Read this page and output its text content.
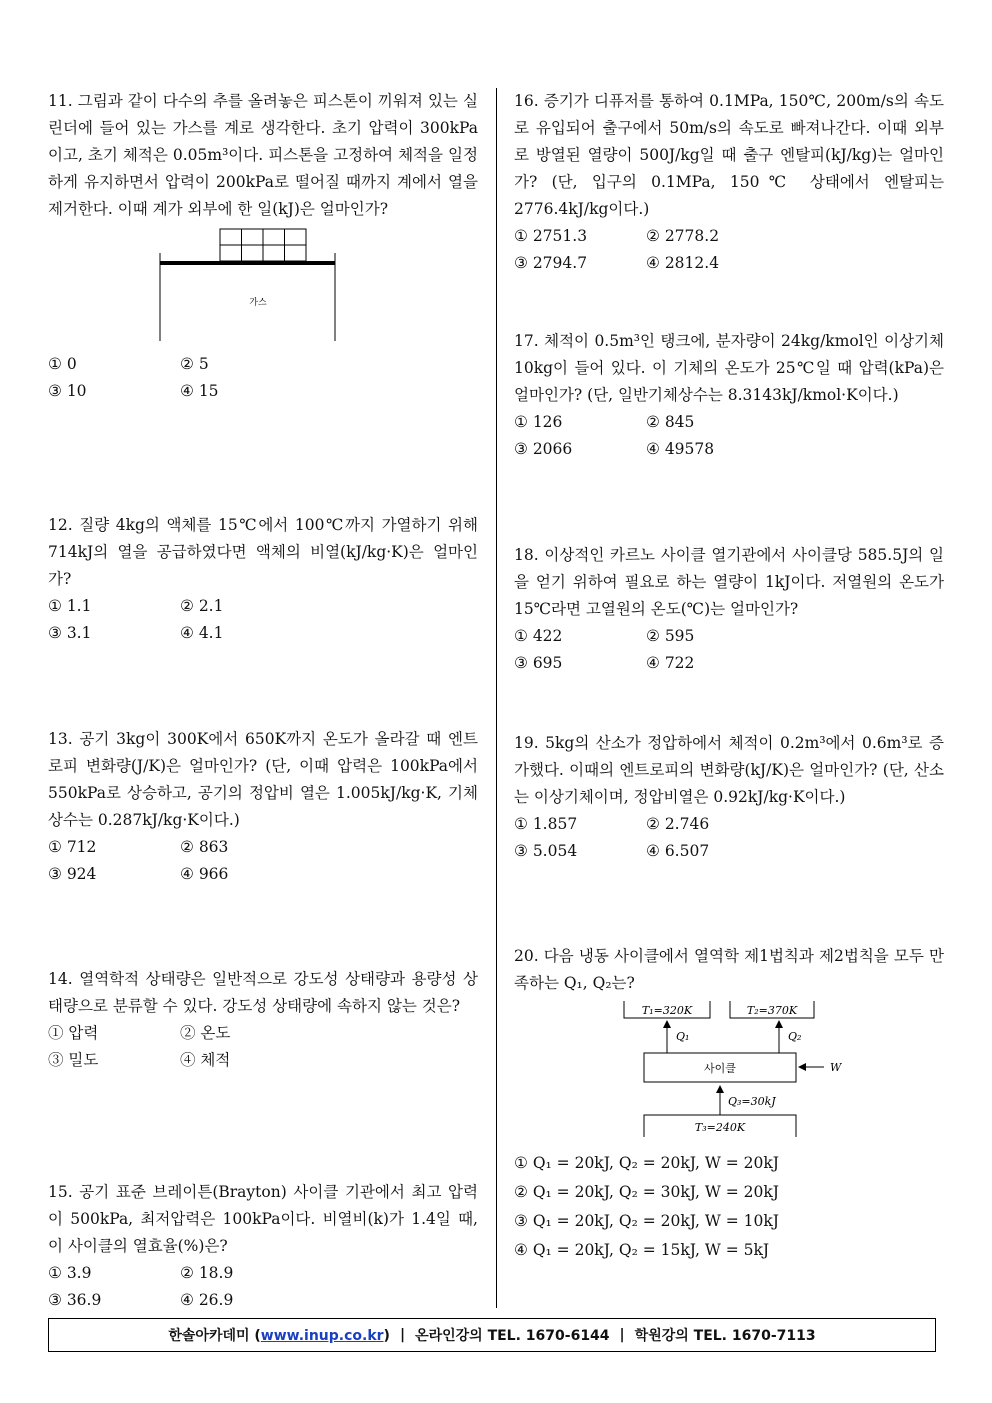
11. 그림과 같이 다수의 추를 올려놓은 피스톤이 끼워져 있는 실린더에 들어 있는 가스를 계로 생각한다. 초기 압력이 300kPa이고, 초기 체적은 0.05m³이다. 피스톤을 고정하여 체적을 일정하게 유지하면서 압력이 200kPa로 떨어질 때까지 계에서 열을 제거한다. 이때 계가 외부에 한 일(kJ)은 얼마인가?

가스
① 0	② 5
③ 10	④ 15

12. 질량 4kg의 액체를 15℃에서 100℃까지 가열하기 위해 714kJ의 열을 공급하였다면 액체의 비열(kJ/kg·K)은 얼마인가?

① 1.1	② 2.1
③ 3.1	④ 4.1

13. 공기 3kg이 300K에서 650K까지 온도가 올라갈 때 엔트로피 변화량(J/K)은 얼마인가? (단, 이때 압력은 100kPa에서 550kPa로 상승하고, 공기의 정압비 열은 1.005kJ/kg·K, 기체상수는 0.287kJ/kg·K이다.)

① 712	② 863
③ 924	④ 966

14. 열역학적 상태량은 일반적으로 강도성 상태량과 용량성 상태량으로 분류할 수 있다. 강도성 상태량에 속하지 않는 것은?

① 압력	② 온도
③ 밀도	④ 체적

15. 공기 표준 브레이튼(Brayton) 사이클 기관에서 최고 압력이 500kPa, 최저압력은 100kPa이다. 비열비(k)가 1.4일 때, 이 사이클의 열효율(%)은?

① 3.9	② 18.9
③ 36.9	④ 26.9

16. 증기가 디퓨저를 통하여 0.1MPa, 150℃, 200m/s의 속도로 유입되어 출구에서 50m/s의 속도로 빠져나간다. 이때 외부로 방열된 열량이 500J/kg일 때 출구 엔탈피(kJ/kg)는 얼마인가? (단, 입구의 0.1MPa, 150℃ 상태에서 엔탈피는 2776.4kJ/kg이다.)

① 2751.3	② 2778.2
③ 2794.7	④ 2812.4

17. 체적이 0.5m³인 탱크에, 분자량이 24kg/kmol인 이상기체 10kg이 들어 있다. 이 기체의 온도가 25℃일 때 압력(kPa)은 얼마인가? (단, 일반기체상수는 8.3143kJ/kmol·K이다.)

① 126	② 845
③ 2066	④ 49578

18. 이상적인 카르노 사이클 열기관에서 사이클당 585.5J의 일을 얻기 위하여 필요로 하는 열량이 1kJ이다. 저열원의 온도가 15℃라면 고열원의 온도(℃)는 얼마인가?

① 422	② 595
③ 695	④ 722

19. 5kg의 산소가 정압하에서 체적이 0.2m³에서 0.6m³로 증가했다. 이때의 엔트로피의 변화량(kJ/K)은 얼마인가? (단, 산소는 이상기체이며, 정압비열은 0.92kJ/kg·K이다.)

① 1.857	② 2.746
③ 5.054	④ 6.507

20. 다음 냉동 사이클에서 열역학 제1법칙과 제2법칙을 모두 만족하는 Q₁, Q₂는?

T₁=320K	T₂=370K
Q₁	Q₂
사이클	W
Q₃=30kJ
T₃=240K
① Q₁ = 20kJ, Q₂ = 20kJ, W = 20kJ
② Q₁ = 20kJ, Q₂ = 30kJ, W = 20kJ
③ Q₁ = 20kJ, Q₂ = 20kJ, W = 10kJ
④ Q₁ = 20kJ, Q₂ = 15kJ, W = 5kJ
한솔아카데미 (www.inup.co.kr) | 온라인강의 TEL. 1670-6144 | 학원강의 TEL. 1670-7113
